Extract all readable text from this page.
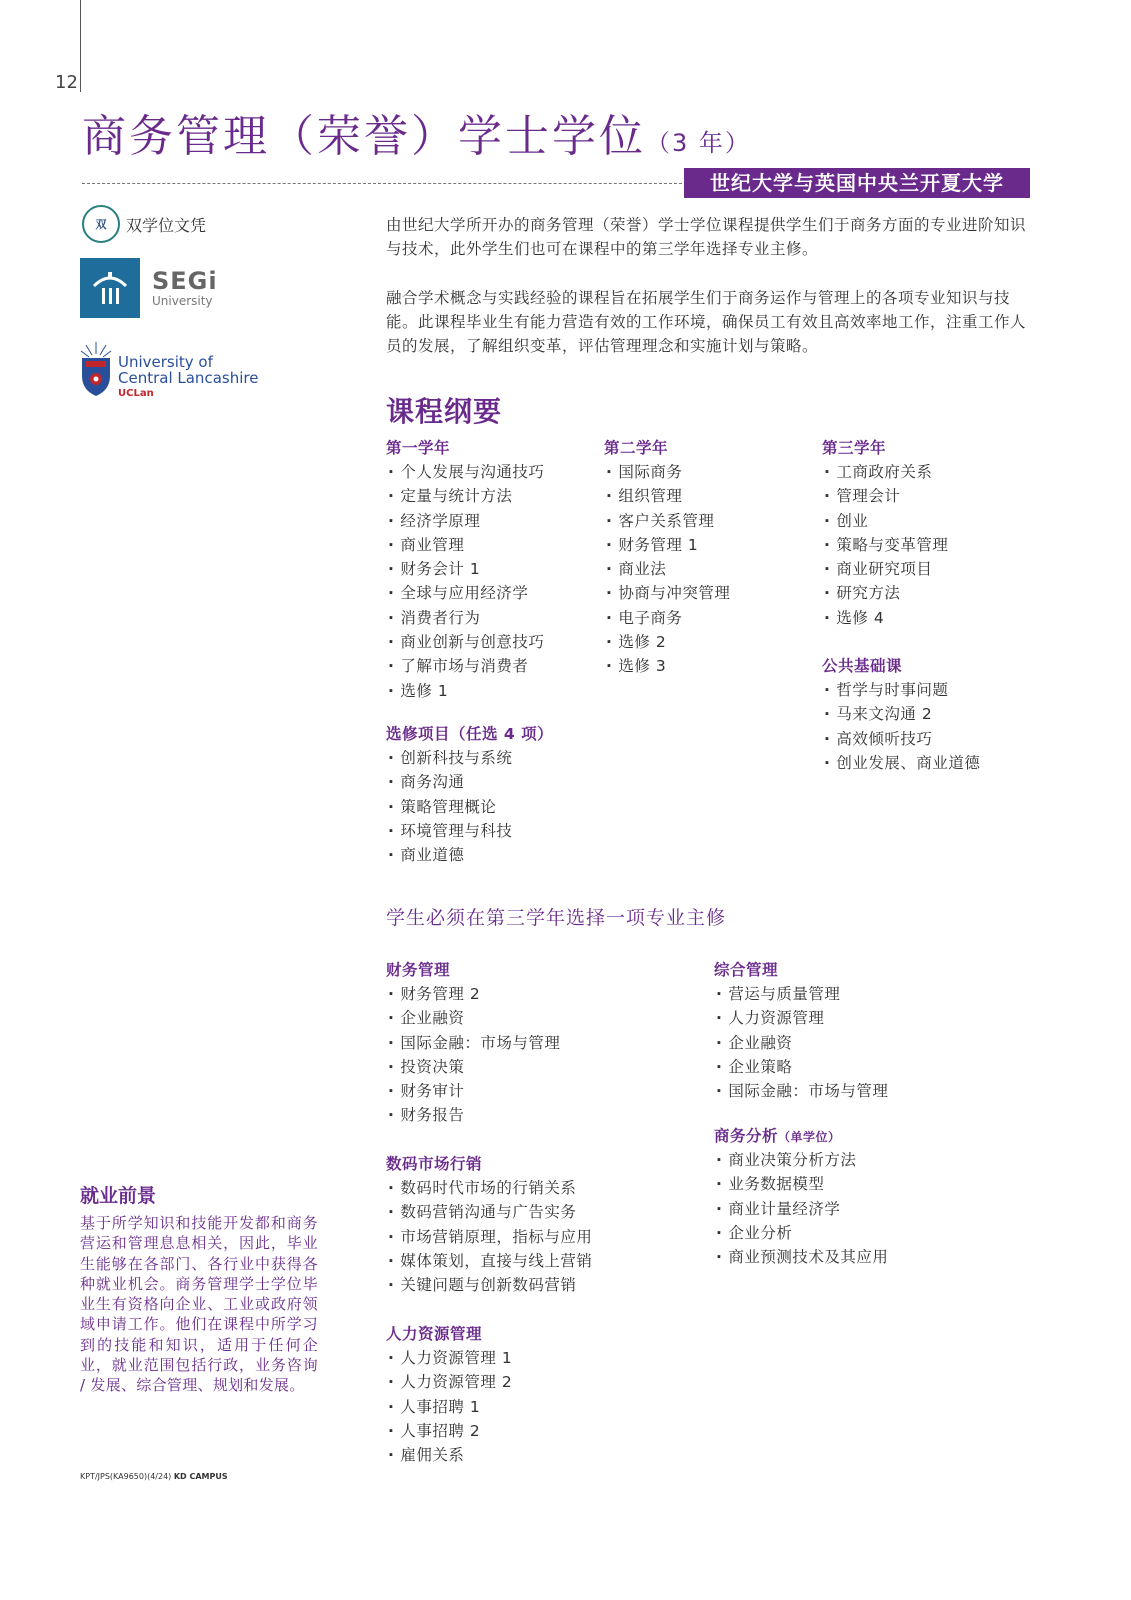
12
商务管理（荣誉）学士学位（3 年）
世纪大学与英国中央兰开夏大学
双	双学位文凭
SEGi
University
University of
Central Lancashire
UCLan
由世纪大学所开办的商务管理（荣誉）学士学位课程提供学生们于商务方面的专业进阶知识与技术，此外学生们也可在课程中的第三学年选择专业主修。
融合学术概念与实践经验的课程旨在拓展学生们于商务运作与管理上的各项专业知识与技能。此课程毕业生有能力营造有效的工作环境，确保员工有效且高效率地工作，注重工作人员的发展，了解组织变革，评估管理理念和实施计划与策略。
课程纲要
第一学年
· 个人发展与沟通技巧
· 定量与统计方法
· 经济学原理
· 商业管理
· 财务会计 1
· 全球与应用经济学
· 消费者行为
· 商业创新与创意技巧
· 了解市场与消费者
· 选修 1
第二学年
· 国际商务
· 组织管理
· 客户关系管理
· 财务管理 1
· 商业法
· 协商与冲突管理
· 电子商务
· 选修 2
· 选修 3
第三学年
· 工商政府关系
· 管理会计
· 创业
· 策略与变革管理
· 商业研究项目
· 研究方法
· 选修 4
公共基础课
· 哲学与时事问题
· 马来文沟通 2
· 高效倾听技巧
· 创业发展、商业道德
选修项目（任选 4 项）
· 创新科技与系统
· 商务沟通
· 策略管理概论
· 环境管理与科技
· 商业道德
学生必须在第三学年选择一项专业主修
财务管理
· 财务管理 2
· 企业融资
· 国际金融：市场与管理
· 投资决策
· 财务审计
· 财务报告
综合管理
· 营运与质量管理
· 人力资源管理
· 企业融资
· 企业策略
· 国际金融：市场与管理
商务分析（单学位）
· 商业决策分析方法
· 业务数据模型
· 商业计量经济学
· 企业分析
· 商业预测技术及其应用
数码市场行销
· 数码时代市场的行销关系
· 数码营销沟通与广告实务
· 市场营销原理，指标与应用
· 媒体策划，直接与线上营销
· 关键问题与创新数码营销
人力资源管理
· 人力资源管理 1
· 人力资源管理 2
· 人事招聘 1
· 人事招聘 2
· 雇佣关系
就业前景
基于所学知识和技能开发都和商务营运和管理息息相关，因此，毕业生能够在各部门、各行业中获得各种就业机会。商务管理学士学位毕业生有资格向企业、工业或政府领域申请工作。他们在课程中所学习到的技能和知识，适用于任何企业，就业范围包括行政，业务咨询 / 发展、综合管理、规划和发展。
KPT/JPS(KA9650)(4/24) KD CAMPUS
